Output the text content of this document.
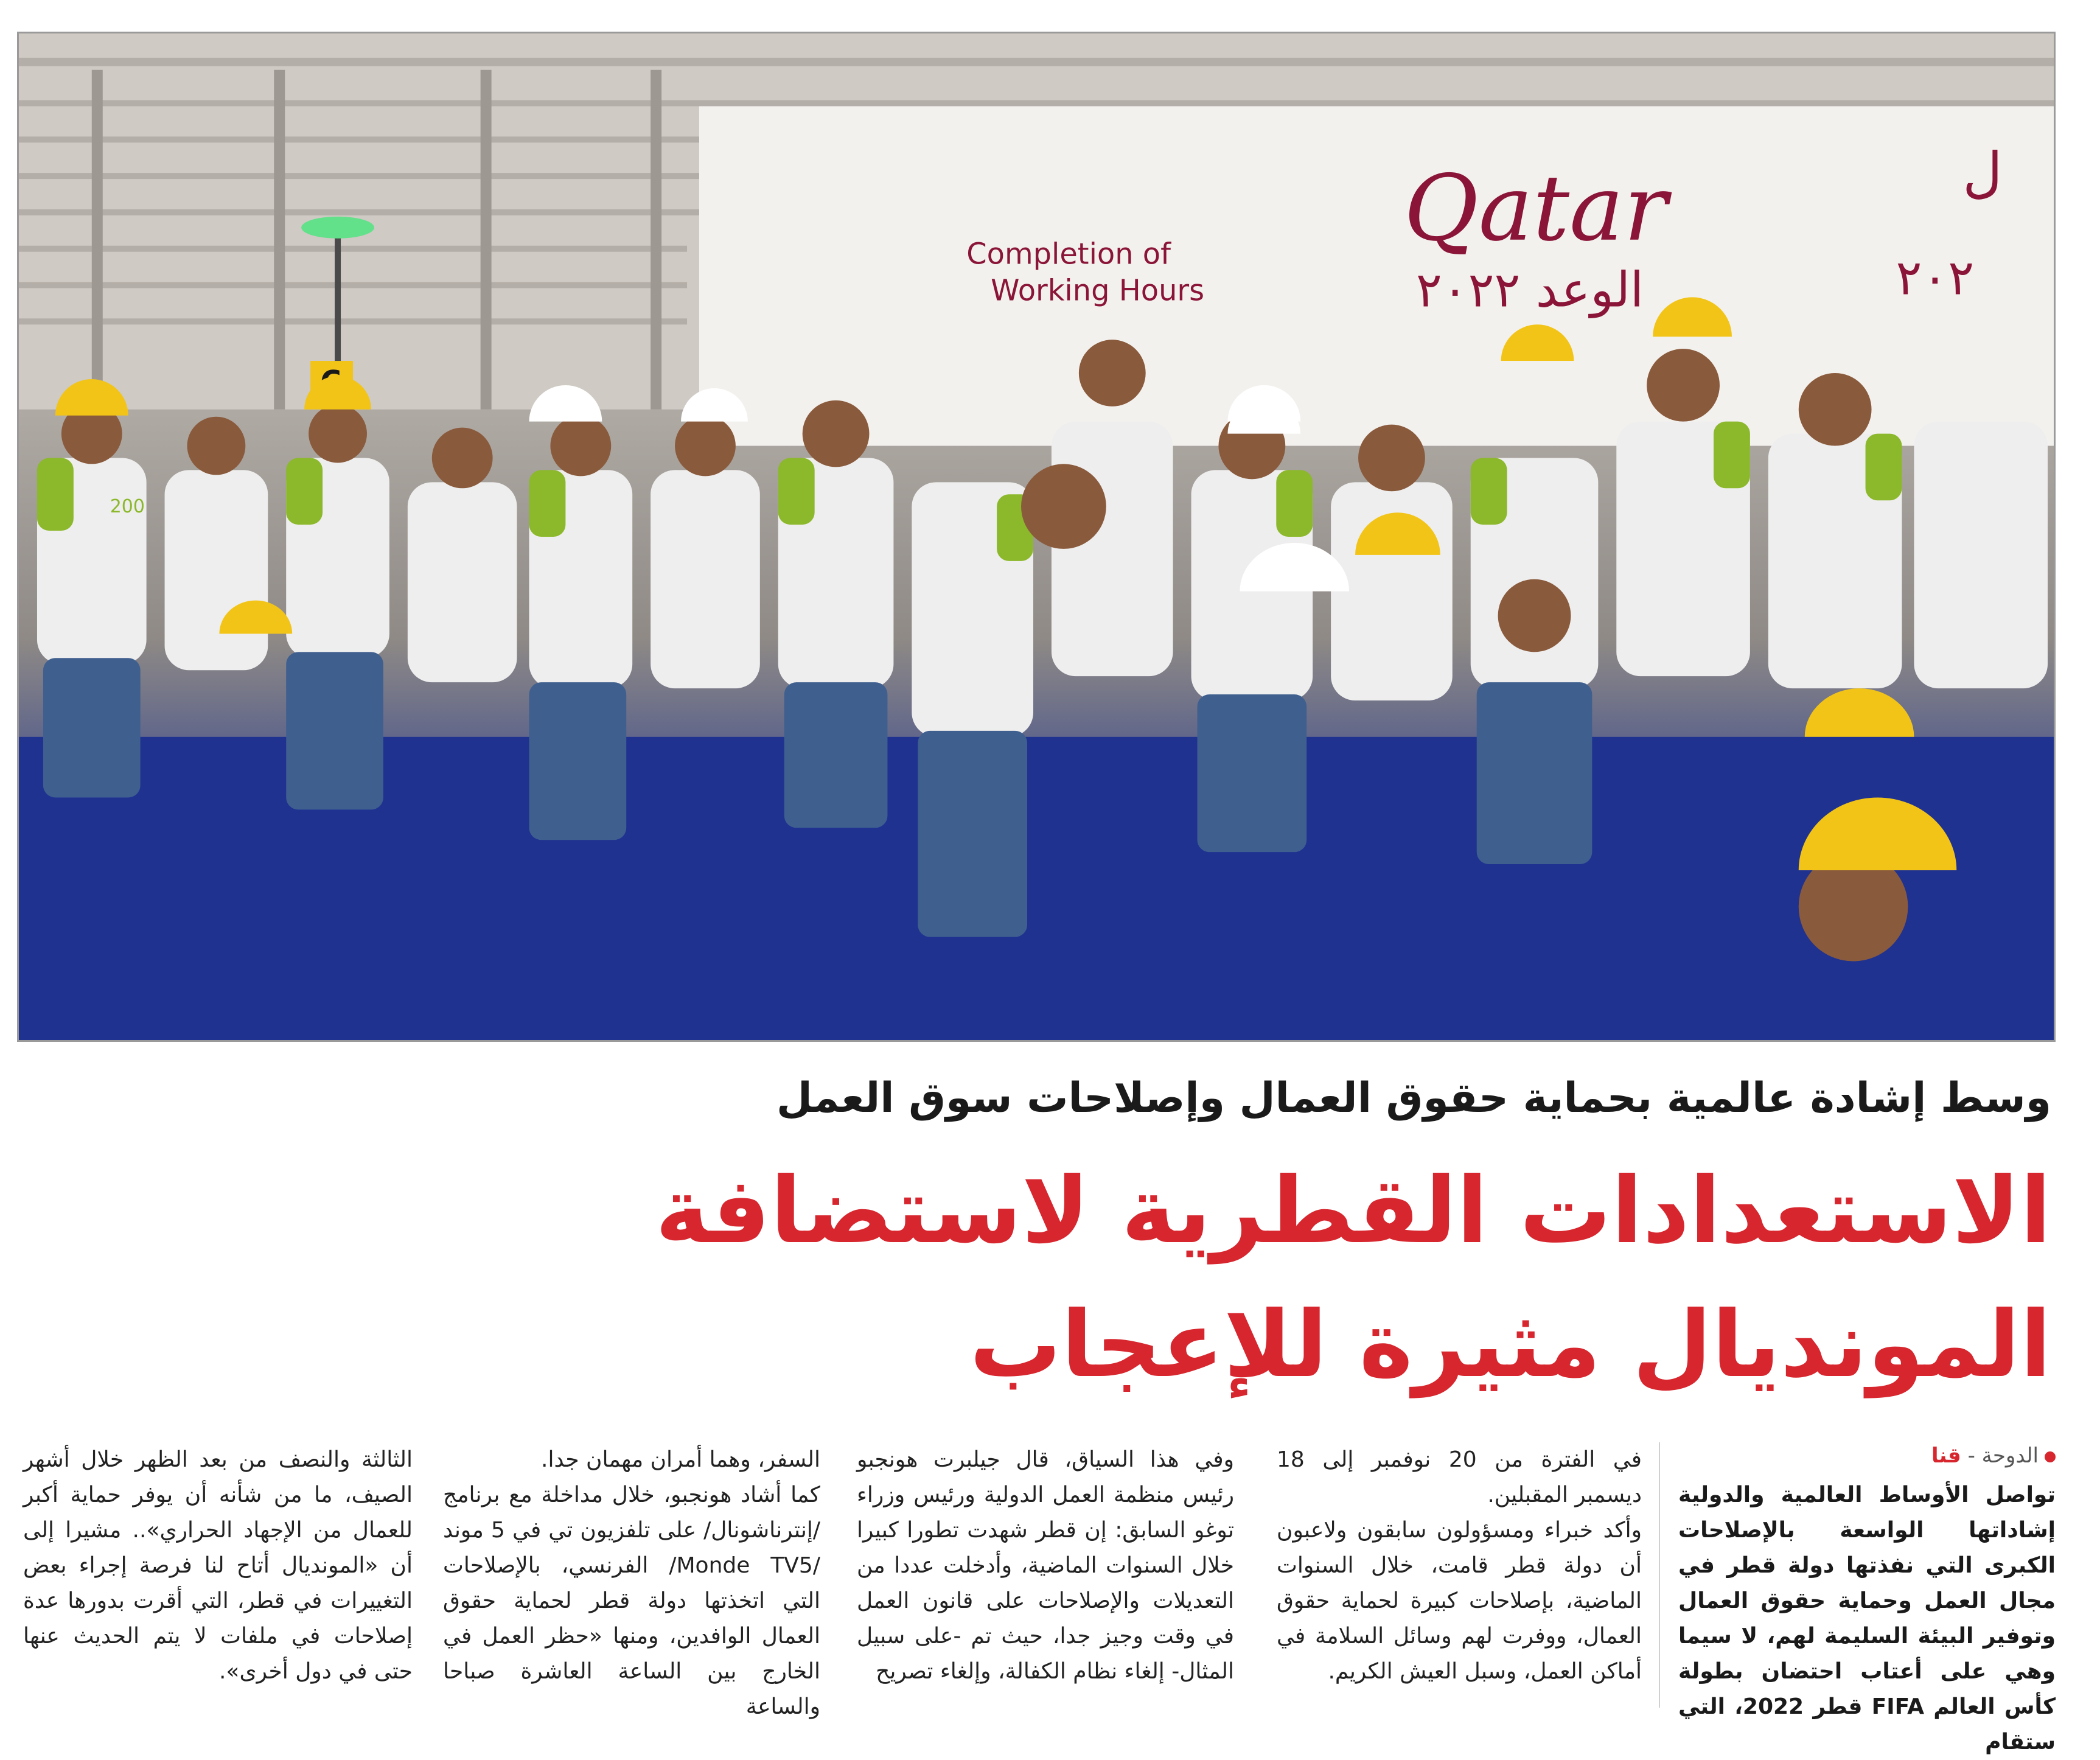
Qatar
الوعد ٢٠٢٢
Completion of
Working Hours
ل
٢٠٢
200
وسط إشادة عالمية بحماية حقوق العمال وإصلاحات سوق العمل
الاستعدادات القطرية لاستضافة
المونديال مثيرة للإعجاب
الدوحة - قنا

تواصل الأوساط العالمية والدولية إشاداتها الواسعة بالإصلاحات الكبرى التي نفذتها دولة قطر في مجال العمل وحماية حقوق العمال وتوفير البيئة السليمة لهم، لا سيما وهي على أعتاب احتضان بطولة كأس العالم FIFA قطر 2022، التي ستقام

في الفترة من 20 نوفمبر إلى 18 ديسمبر المقبلين.
وأكد خبراء ومسؤولون سابقون ولاعبون أن دولة قطر قامت، خلال السنوات الماضية، بإصلاحات كبيرة لحماية حقوق العمال، ووفرت لهم وسائل السلامة في أماكن العمل، وسبل العيش الكريم.

وفي هذا السياق، قال جيلبرت هونجبو رئيس منظمة العمل الدولية ورئيس وزراء توغو السابق: إن قطر شهدت تطورا كبيرا خلال السنوات الماضية، وأدخلت عددا من التعديلات والإصلاحات على قانون العمل في وقت وجيز جدا، حيث تم -على سبيل المثال- إلغاء نظام الكفالة، وإلغاء تصريح

السفر، وهما أمران مهمان جدا.
كما أشاد هونجبو، خلال مداخلة مع برنامج /إنترناشونال/ على تلفزيون تي في 5 موند /Monde TV5/ الفرنسي، بالإصلاحات التي اتخذتها دولة قطر لحماية حقوق العمال الوافدين، ومنها «حظر العمل في الخارج بين الساعة العاشرة صباحا والساعة

الثالثة والنصف من بعد الظهر خلال أشهر الصيف، ما من شأنه أن يوفر حماية أكبر للعمال من الإجهاد الحراري».. مشيرا إلى أن «المونديال أتاح لنا فرصة إجراء بعض التغييرات في قطر، التي أقرت بدورها عدة إصلاحات في ملفات لا يتم الحديث عنها حتى في دول أخرى».
